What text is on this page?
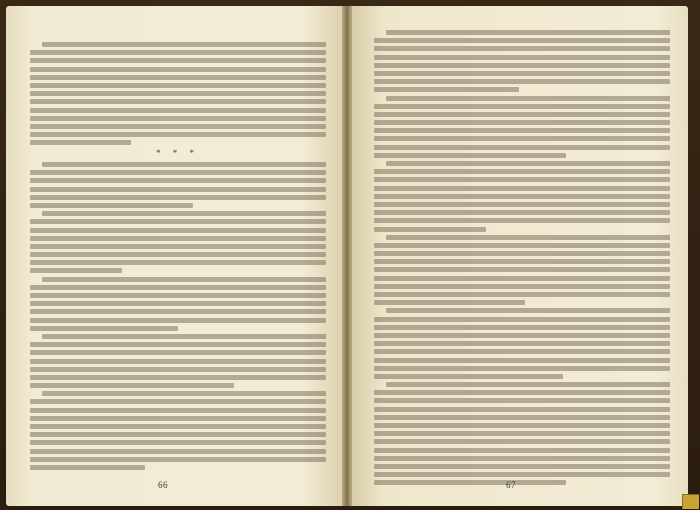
* * *
66	67
